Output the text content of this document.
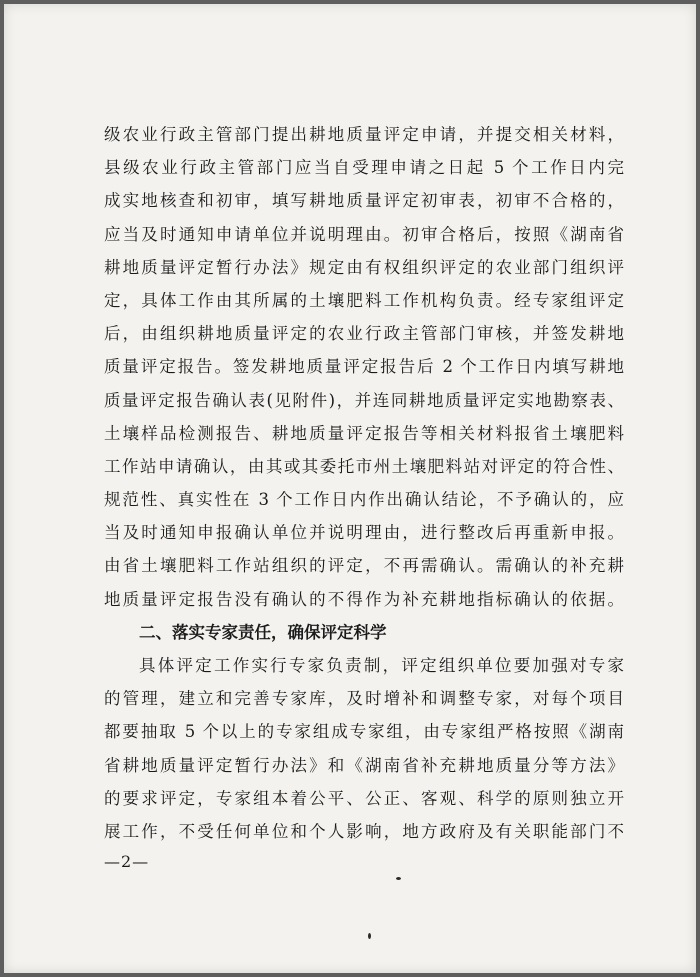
───
级农业行政主管部门提出耕地质量评定申请，并提交相关材料，
县级农业行政主管部门应当自受理申请之日起 5 个工作日内完
成实地核查和初审，填写耕地质量评定初审表，初审不合格的，
应当及时通知申请单位并说明理由。初审合格后，按照《湖南省
耕地质量评定暂行办法》规定由有权组织评定的农业部门组织评
定，具体工作由其所属的土壤肥料工作机构负责。经专家组评定
后，由组织耕地质量评定的农业行政主管部门审核，并签发耕地
质量评定报告。签发耕地质量评定报告后 2 个工作日内填写耕地
质量评定报告确认表(见附件)，并连同耕地质量评定实地勘察表、
土壤样品检测报告、耕地质量评定报告等相关材料报省土壤肥料
工作站申请确认，由其或其委托市州土壤肥料站对评定的符合性、
规范性、真实性在 3 个工作日内作出确认结论，不予确认的，应
当及时通知申报确认单位并说明理由，进行整改后再重新申报。
由省土壤肥料工作站组织的评定，不再需确认。需确认的补充耕
地质量评定报告没有确认的不得作为补充耕地指标确认的依据。
二、落实专家责任，确保评定科学
具体评定工作实行专家负责制，评定组织单位要加强对专家
的管理，建立和完善专家库，及时增补和调整专家，对每个项目
都要抽取 5 个以上的专家组成专家组，由专家组严格按照《湖南
省耕地质量评定暂行办法》和《湖南省补充耕地质量分等方法》
的要求评定，专家组本着公平、公正、客观、科学的原则独立开
展工作，不受任何单位和个人影响，地方政府及有关职能部门不
—2—
